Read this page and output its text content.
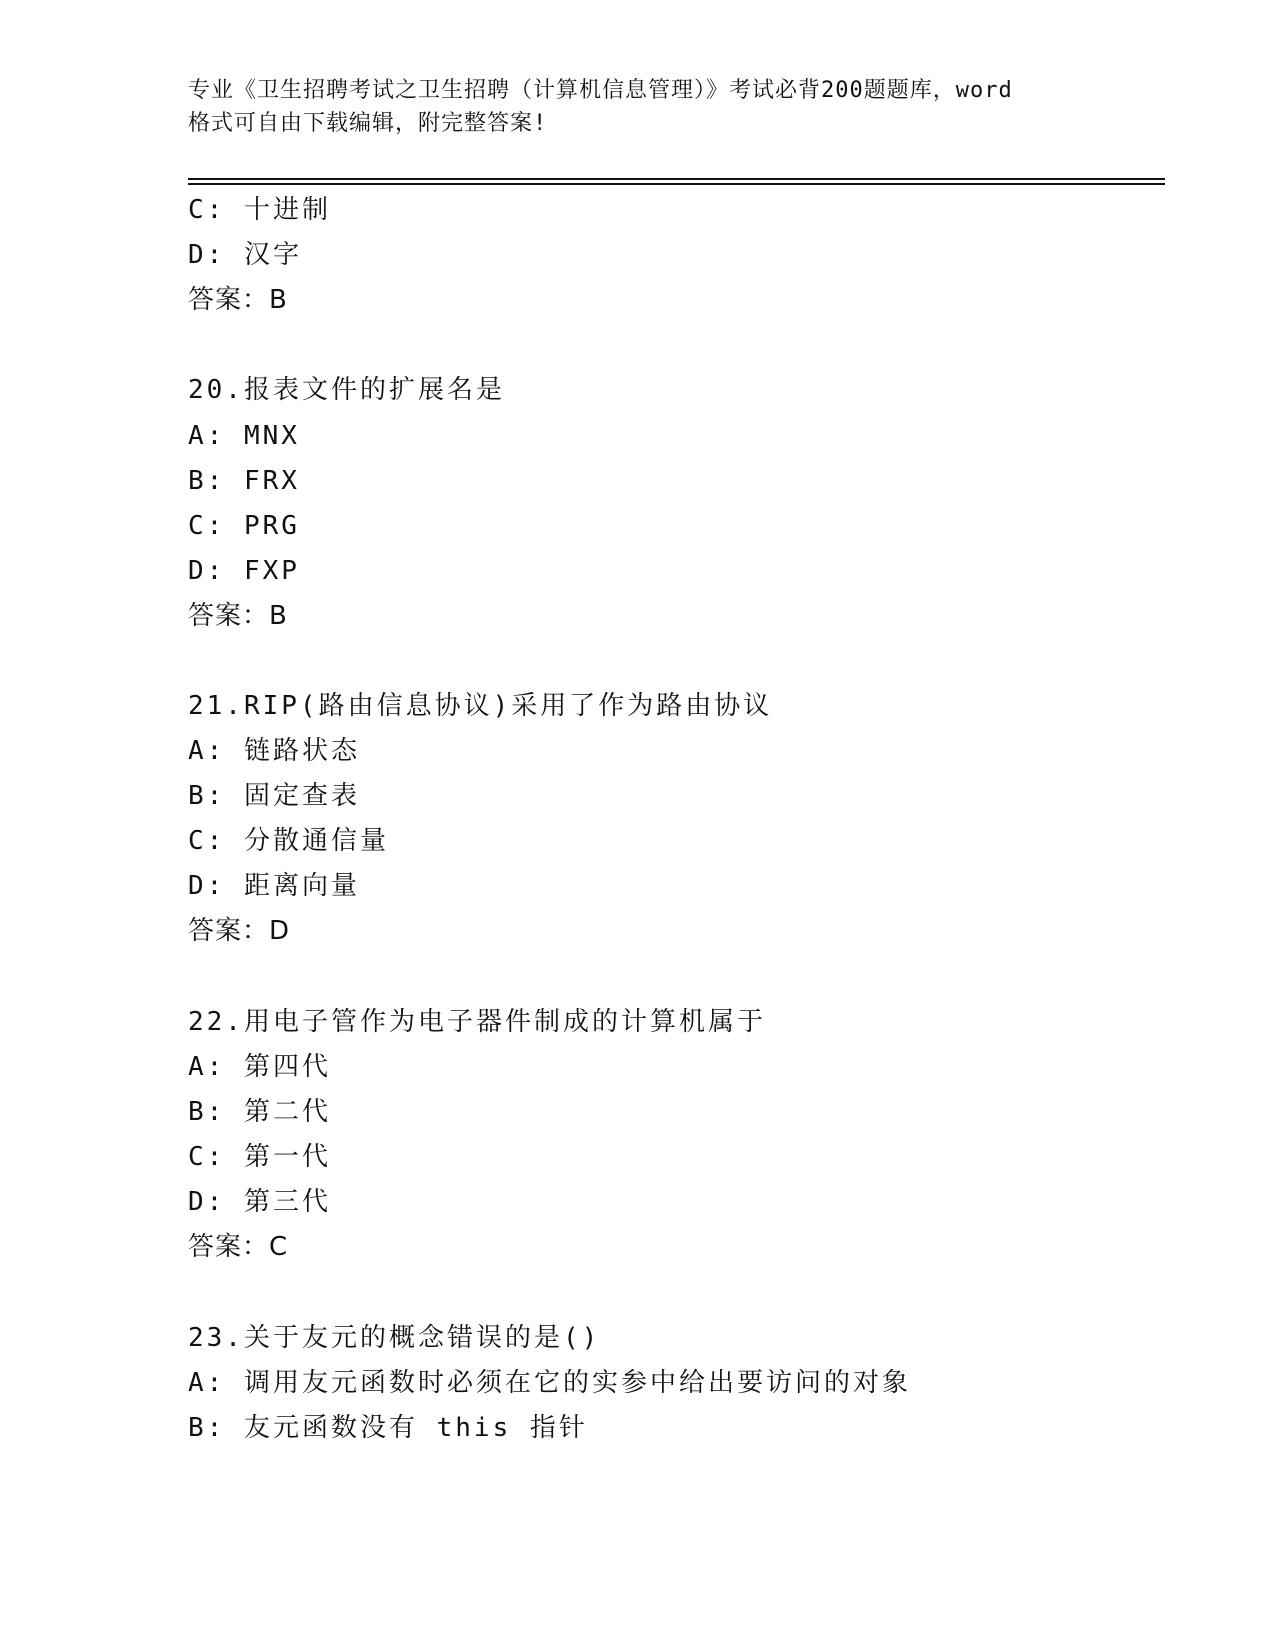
专业《卫生招聘考试之卫生招聘（计算机信息管理）》考试必背200题题库，word
格式可自由下载编辑，附完整答案!
C: 十进制
D: 汉字
答案：B
20.报表文件的扩展名是
A: MNX
B: FRX
C: PRG
D: FXP
答案：B
21.RIP(路由信息协议)采用了作为路由协议
A: 链路状态
B: 固定查表
C: 分散通信量
D: 距离向量
答案：D
22.用电子管作为电子器件制成的计算机属于
A: 第四代
B: 第二代
C: 第一代
D: 第三代
答案：C
23.关于友元的概念错误的是()
A: 调用友元函数时必须在它的实参中给出要访问的对象
B: 友元函数没有 this 指针
